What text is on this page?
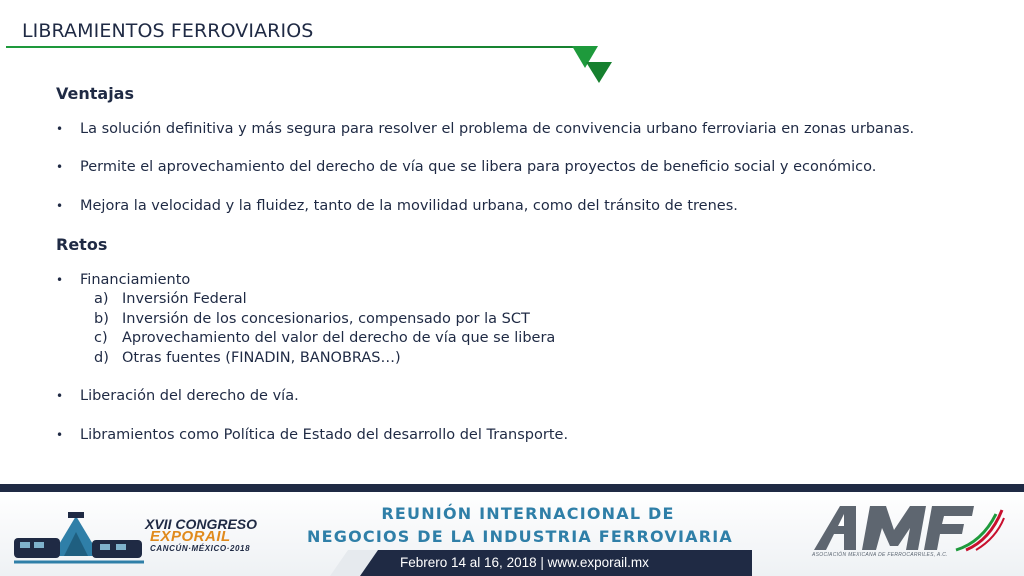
LIBRAMIENTOS FERROVIARIOS
Ventajas
• La solución definitiva y más segura para resolver el problema de convivencia urbano ferroviaria en zonas urbanas.
• Permite el aprovechamiento del derecho de vía que se libera para proyectos de beneficio social y económico.
• Mejora la velocidad y la fluidez, tanto de la movilidad urbana, como del tránsito de trenes.
Retos
• Financiamiento
a) Inversión Federal
b) Inversión de los concesionarios, compensado por la SCT
c) Aprovechamiento del valor del derecho de vía que se libera
d) Otras fuentes (FINADIN, BANOBRAS…)
• Liberación del derecho de vía.
• Libramientos como Política de Estado del desarrollo del Transporte.
XVII CONGRESO
EXPORAIL
CANCÚN·MÉXICO·2018
REUNIÓN INTERNACIONAL DE
NEGOCIOS DE LA INDUSTRIA FERROVIARIA
Febrero 14 al 16, 2018 | www.exporail.mx	ASOCIACIÓN MEXICANA DE FERROCARRILES, A.C.
